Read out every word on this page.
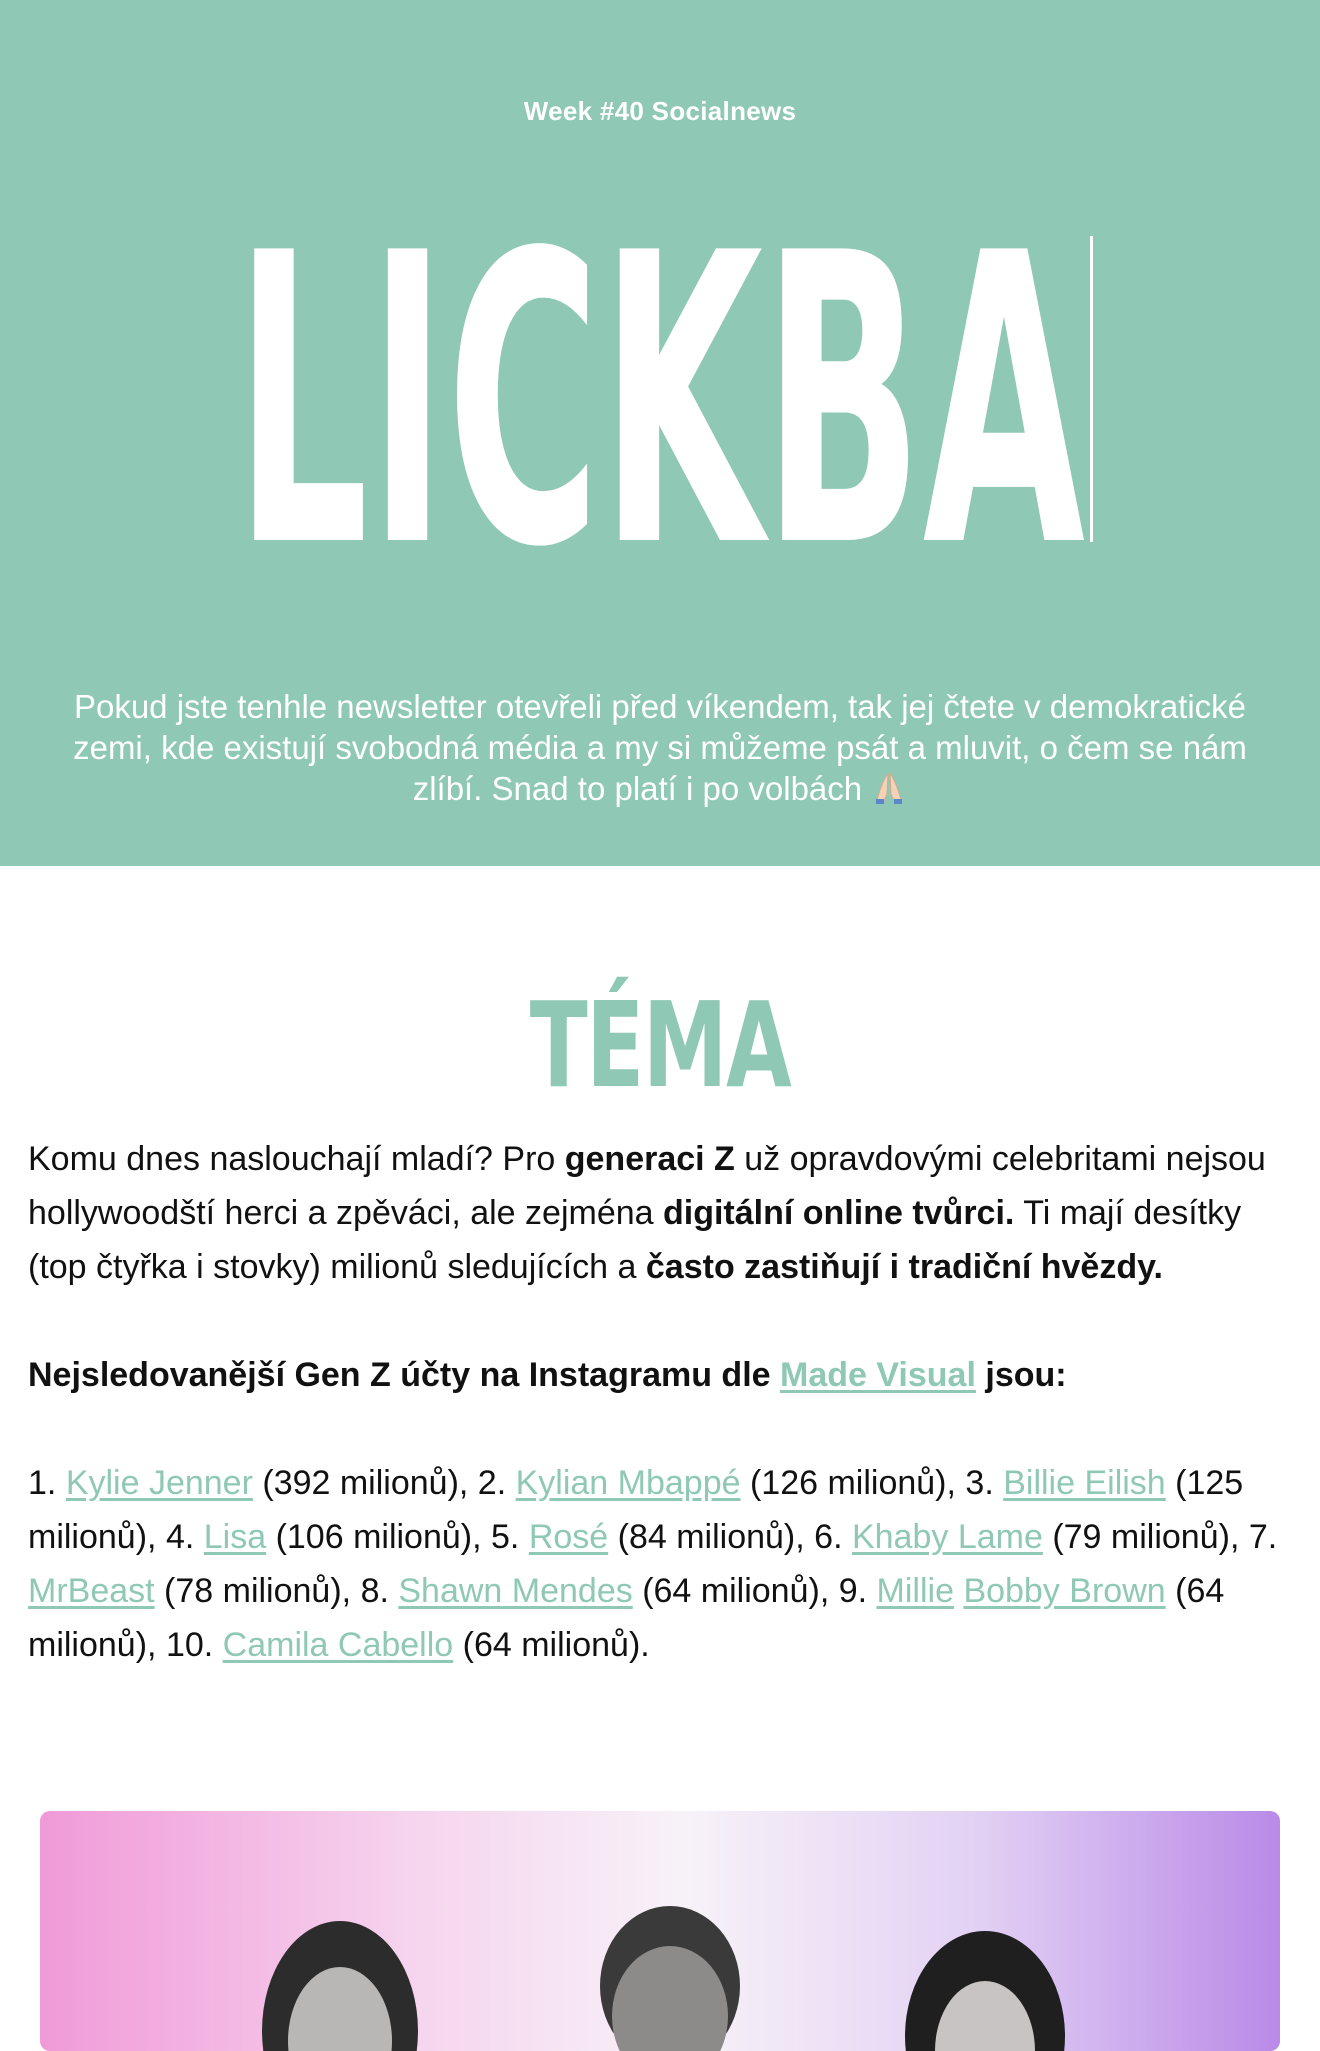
Week #40 Socialnews
LICKBA
Pokud jste tenhle newsletter otevřeli před víkendem, tak jej čtete v demokratické zemi, kde existují svobodná média a my si můžeme psát a mluvit, o čem se nám zlíbí. Snad to platí i po volbách
TÉMA

Komu dnes naslouchají mladí? Pro generaci Z už opravdovými celebritami nejsou hollywoodští herci a zpěváci, ale zejména digitální online tvůrci. Ti mají desítky (top čtyřka i stovky) milionů sledujících a často zastiňují i tradiční hvězdy.

Nejsledovanější Gen Z účty na Instagramu dle Made Visual jsou:

1. Kylie Jenner (392 milionů), 2. Kylian Mbappé (126 milionů), 3. Billie Eilish (125 milionů), 4. Lisa (106 milionů), 5. Rosé (84 milionů), 6. Khaby Lame (79 milionů), 7. MrBeast (78 milionů), 8. Shawn Mendes (64 milionů), 9. Millie Bobby Brown (64 milionů), 10. Camila Cabello (64 milionů).
